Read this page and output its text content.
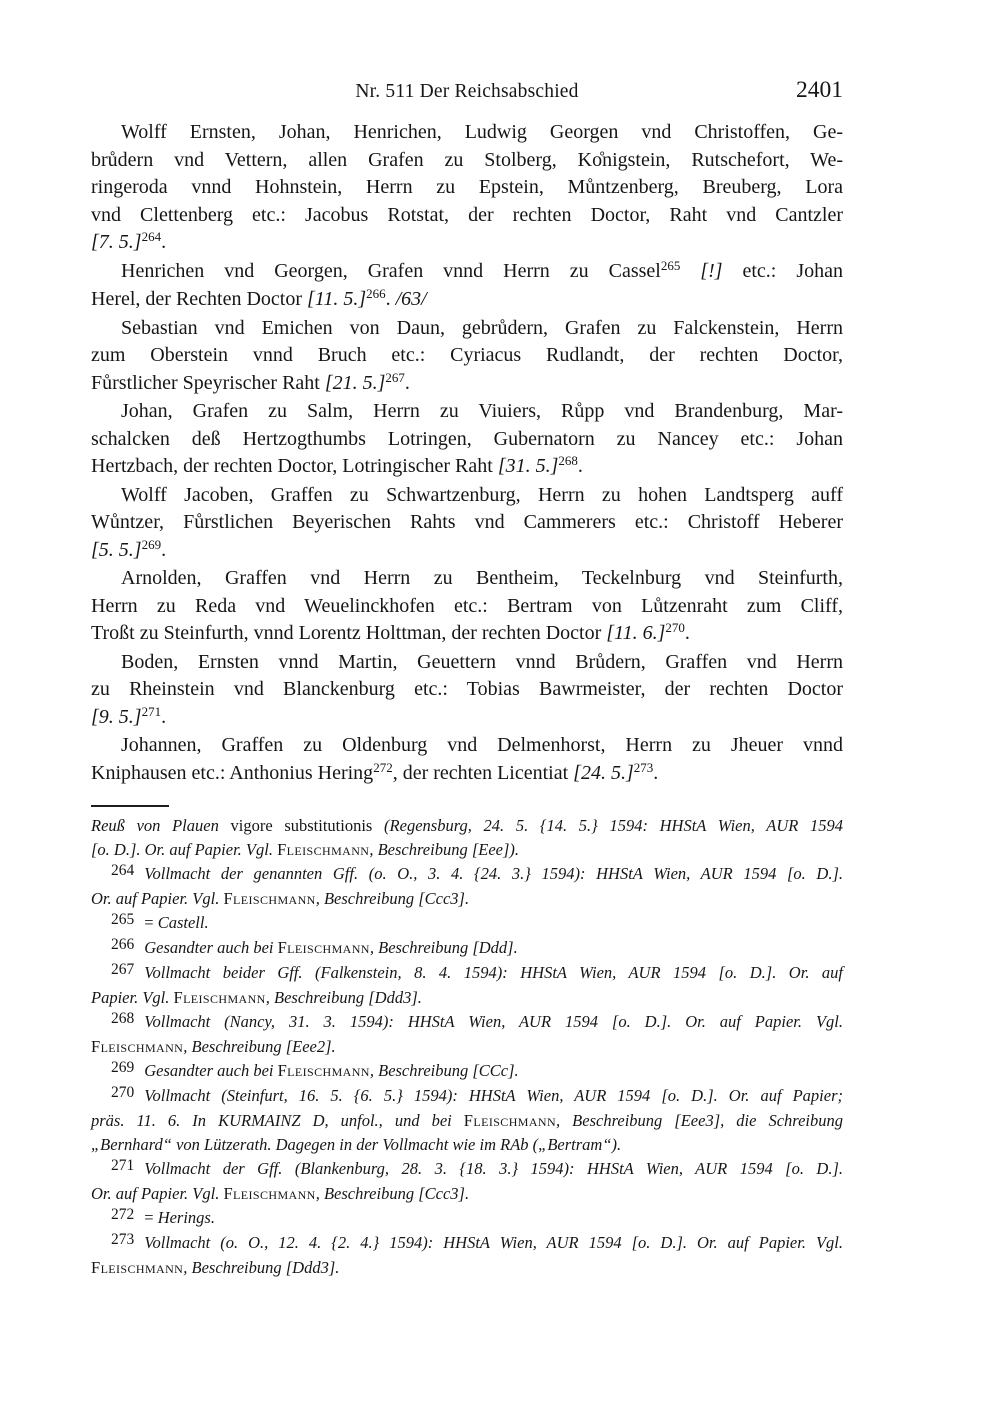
Nr. 511 Der Reichsabschied	2401
Wolff Ernsten, Johan, Henrichen, Ludwig Georgen vnd Christoffen, Ge-
brůdern vnd Vettern, allen Grafen zu Stolberg, Ko̊nigstein, Rutschefort, We-
ringeroda vnnd Hohnstein, Herrn zu Epstein, Můntzenberg, Breuberg, Lora
vnd Clettenberg etc.: Jacobus Rotstat, der rechten Doctor, Raht vnd Cantzler
[7. 5.]$^{264}$.
Henrichen vnd Georgen, Grafen vnnd Herrn zu Cassel$^{265}$ [!] etc.: Johan
Herel, der Rechten Doctor [11. 5.]$^{266}$. /63/
Sebastian vnd Emichen von Daun, gebrůdern, Grafen zu Falckenstein, Herrn
zum Oberstein vnnd Bruch etc.: Cyriacus Rudlandt, der rechten Doctor,
Fůrstlicher Speyrischer Raht [21. 5.]$^{267}$.
Johan, Grafen zu Salm, Herrn zu Viuiers, Růpp vnd Brandenburg, Mar-
schalcken deß Hertzogthumbs Lotringen, Gubernatorn zu Nancey etc.: Johan
Hertzbach, der rechten Doctor, Lotringischer Raht [31. 5.]$^{268}$.
Wolff Jacoben, Graffen zu Schwartzenburg, Herrn zu hohen Landtsperg auff
Wůntzer, Fůrstlichen Beyerischen Rahts vnd Cammerers etc.: Christoff Heberer
[5. 5.]$^{269}$.
Arnolden, Graffen vnd Herrn zu Bentheim, Teckelnburg vnd Steinfurth,
Herrn zu Reda vnd Weuelinckhofen etc.: Bertram von Lůtzenraht zum Cliff,
Troßt zu Steinfurth, vnnd Lorentz Holttman, der rechten Doctor [11. 6.]$^{270}$.
Boden, Ernsten vnnd Martin, Geuettern vnnd Brůdern, Graffen vnd Herrn
zu Rheinstein vnd Blanckenburg etc.: Tobias Bawrmeister, der rechten Doctor
[9. 5.]$^{271}$.
Johannen, Graffen zu Oldenburg vnd Delmenhorst, Herrn zu Jheuer vnnd
Kniphausen etc.: Anthonius Hering$^{272}$, der rechten Licentiat [24. 5.]$^{273}$.
Reuß von Plauen vigore substitutionis (Regensburg, 24. 5. {14. 5.} 1594: HHStA Wien, AUR 1594
[o. D.]. Or. auf Papier. Vgl. Fleischmann, Beschreibung [Eee]).
264 Vollmacht der genannten Gff. (o. O., 3. 4. {24. 3.} 1594): HHStA Wien, AUR 1594 [o. D.].
Or. auf Papier. Vgl. Fleischmann, Beschreibung [Ccc3].
265 = Castell.
266 Gesandter auch bei Fleischmann, Beschreibung [Ddd].
267 Vollmacht beider Gff. (Falkenstein, 8. 4. 1594): HHStA Wien, AUR 1594 [o. D.]. Or. auf
Papier. Vgl. Fleischmann, Beschreibung [Ddd3].
268 Vollmacht (Nancy, 31. 3. 1594): HHStA Wien, AUR 1594 [o. D.]. Or. auf Papier. Vgl.
Fleischmann, Beschreibung [Eee2].
269 Gesandter auch bei Fleischmann, Beschreibung [CCc].
270 Vollmacht (Steinfurt, 16. 5. {6. 5.} 1594): HHStA Wien, AUR 1594 [o. D.]. Or. auf Papier;
präs. 11. 6. In KURMAINZ D, unfol., und bei Fleischmann, Beschreibung [Eee3], die Schreibung
„Bernhard“ von Lützerath. Dagegen in der Vollmacht wie im RAb („Bertram“).
271 Vollmacht der Gff. (Blankenburg, 28. 3. {18. 3.} 1594): HHStA Wien, AUR 1594 [o. D.].
Or. auf Papier. Vgl. Fleischmann, Beschreibung [Ccc3].
272 = Herings.
273 Vollmacht (o. O., 12. 4. {2. 4.} 1594): HHStA Wien, AUR 1594 [o. D.]. Or. auf Papier. Vgl.
Fleischmann, Beschreibung [Ddd3].
